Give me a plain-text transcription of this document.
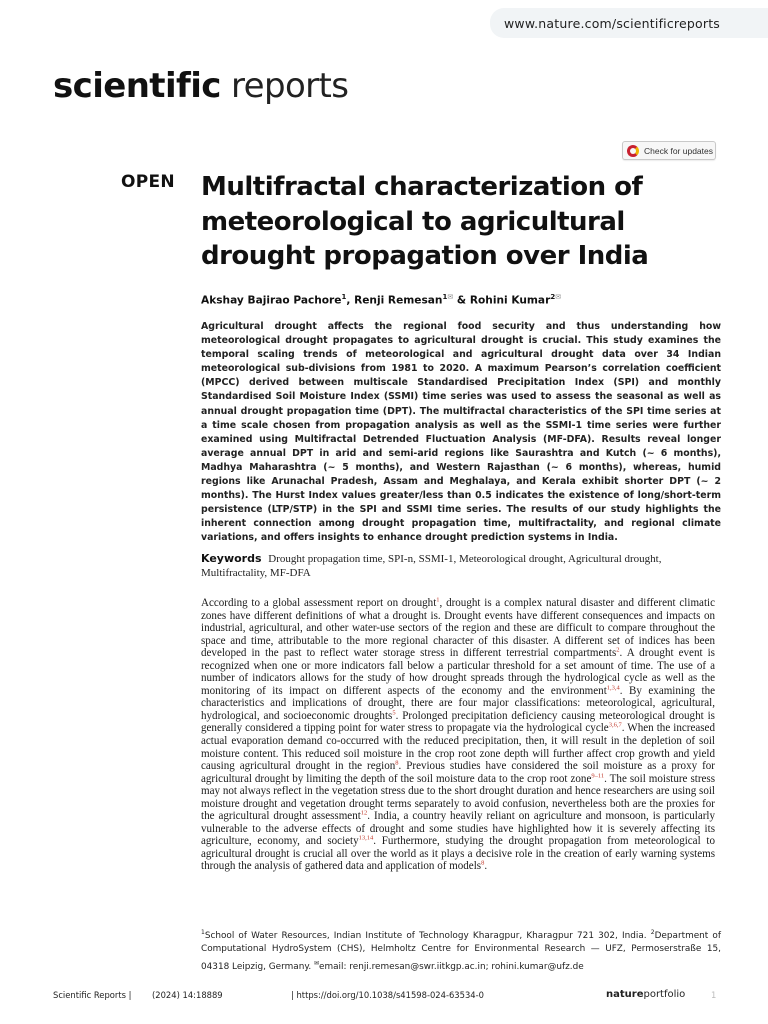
www.nature.com/scientificreports
scientific reports
Check for updates
OPEN Multifractal characterization of meteorological to agricultural drought propagation over India
Akshay Bajirao Pachore$^1$, Renji Remesan$^{1✉}$ & Rohini Kumar$^{2✉}$

Agricultural drought affects the regional food security and thus understanding how meteorological drought propagates to agricultural drought is crucial. This study examines the temporal scaling trends of meteorological and agricultural drought data over 34 Indian meteorological sub-divisions from 1981 to 2020. A maximum Pearson’s correlation coefficient (MPCC) derived between multiscale Standardised Precipitation Index (SPI) and monthly Standardised Soil Moisture Index (SSMI) time series was used to assess the seasonal as well as annual drought propagation time (DPT). The multifractal characteristics of the SPI time series at a time scale chosen from propagation analysis as well as the SSMI-1 time series were further examined using Multifractal Detrended Fluctuation Analysis (MF-DFA). Results reveal longer average annual DPT in arid and semi-arid regions like Saurashtra and Kutch (~ 6 months), Madhya Maharashtra (~ 5 months), and Western Rajasthan (~ 6 months), whereas, humid regions like Arunachal Pradesh, Assam and Meghalaya, and Kerala exhibit shorter DPT (~ 2 months). The Hurst Index values greater/less than 0.5 indicates the existence of long/short-term persistence (LTP/STP) in the SPI and SSMI time series. The results of our study highlights the inherent connection among drought propagation time, multifractality, and regional climate variations, and offers insights to enhance drought prediction systems in India.

Keywords Drought propagation time, SPI-n, SSMI-1, Meteorological drought, Agricultural drought, Multifractality, MF-DFA

According to a global assessment report on drought$^1$, drought is a complex natural disaster and different climatic zones have different definitions of what a drought is. Drought events have different consequences and impacts on industrial, agricultural, and other water-use sectors of the region and these are difficult to compare throughout the space and time, attributable to the more regional character of this disaster. A different set of indices has been developed in the past to reflect water storage stress in different terrestrial compartments$^2$. A drought event is recognized when one or more indicators fall below a particular threshold for a set amount of time. The use of a number of indicators allows for the study of how drought spreads through the hydrological cycle as well as the monitoring of its impact on different aspects of the economy and the environment$^{1,3,4}$. By examining the characteristics and implications of drought, there are four major classifications: meteorological, agricultural, hydrological, and socioeconomic droughts$^5$. Prolonged precipitation deficiency causing meteorological drought is generally considered a tipping point for water stress to propagate via the hydrological cycle$^{3,6,7}$. When the increased actual evaporation demand co-occurred with the reduced precipitation, then, it will result in the depletion of soil moisture content. This reduced soil moisture in the crop root zone depth will further affect crop growth and yield causing agricultural drought in the region$^8$. Previous studies have considered the soil moisture as a proxy for agricultural drought by limiting the depth of the soil moisture data to the crop root zone$^{9-11}$. The soil moisture stress may not always reflect in the vegetation stress due to the short drought duration and hence researchers are using soil moisture drought and vegetation drought terms separately to avoid confusion, nevertheless both are the proxies for the agricultural drought assessment$^{12}$. India, a country heavily reliant on agriculture and monsoon, is particularly vulnerable to the adverse effects of drought and some studies have highlighted how it is severely affecting its agriculture, economy, and society$^{13,14}$. Furthermore, studying the drought propagation from meteorological to agricultural drought is crucial all over the world as it plays a decisive role in the creation of early warning systems through the analysis of gathered data and application of models$^8$.

$^1$School of Water Resources, Indian Institute of Technology Kharagpur, Kharagpur 721 302, India. $^2$Department of Computational HydroSystem (CHS), Helmholtz Centre for Environmental Research — UFZ, Permoserstraße 15, 04318 Leipzig, Germany. ✉email: renji.remesan@swr.iitkgp.ac.in; rohini.kumar@ufz.de

Scientific Reports | (2024) 14:18889	| https://doi.org/10.1038/s41598-024-63534-0	natureportfolio	1
